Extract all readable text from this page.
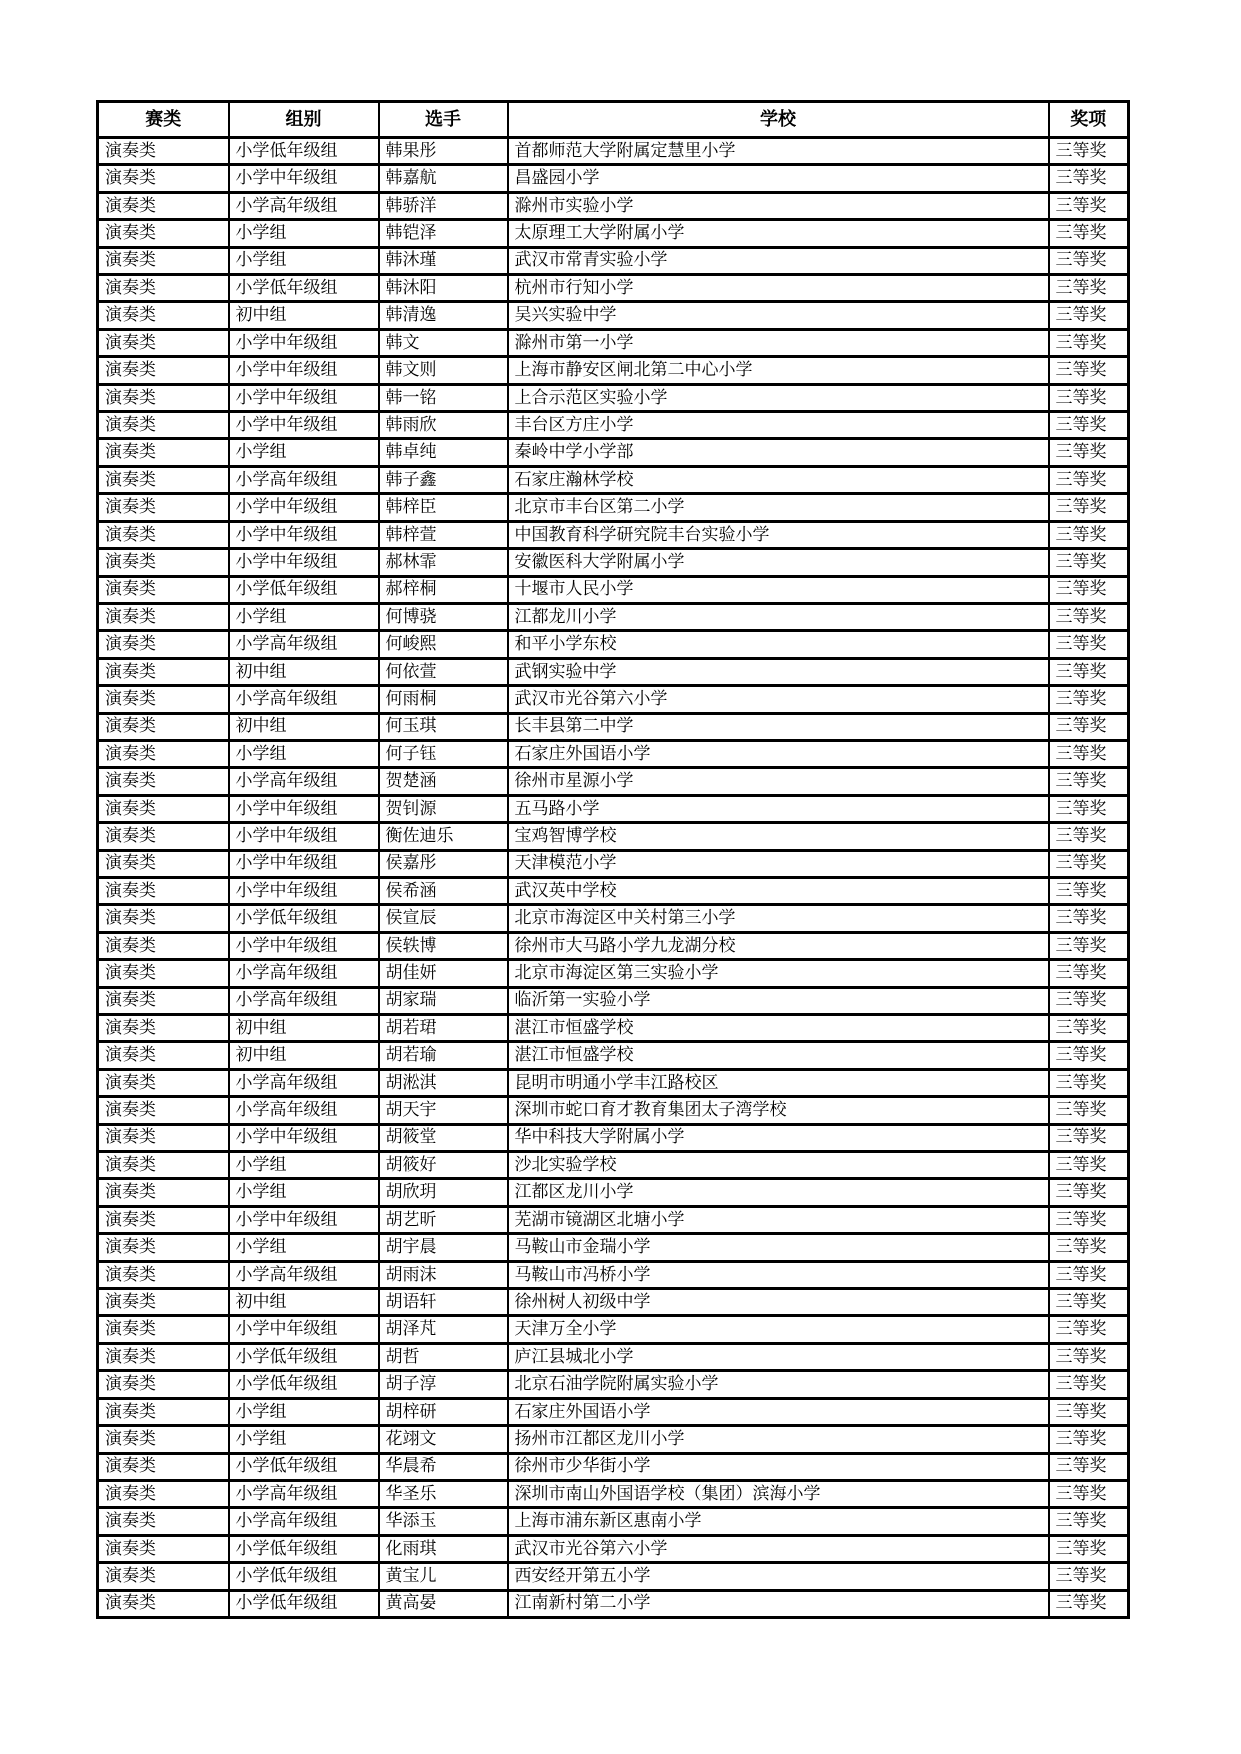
赛类	组别	选手	学校	奖项
演奏类	小学低年级组	韩果彤	首都师范大学附属定慧里小学	三等奖
演奏类	小学中年级组	韩嘉航	昌盛园小学	三等奖
演奏类	小学高年级组	韩骄洋	滁州市实验小学	三等奖
演奏类	小学组	韩铠泽	太原理工大学附属小学	三等奖
演奏类	小学组	韩沐瑾	武汉市常青实验小学	三等奖
演奏类	小学低年级组	韩沐阳	杭州市行知小学	三等奖
演奏类	初中组	韩清逸	吴兴实验中学	三等奖
演奏类	小学中年级组	韩文	滁州市第一小学	三等奖
演奏类	小学中年级组	韩文则	上海市静安区闸北第二中心小学	三等奖
演奏类	小学中年级组	韩一铭	上合示范区实验小学	三等奖
演奏类	小学中年级组	韩雨欣	丰台区方庄小学	三等奖
演奏类	小学组	韩卓纯	秦岭中学小学部	三等奖
演奏类	小学高年级组	韩子鑫	石家庄瀚林学校	三等奖
演奏类	小学中年级组	韩梓臣	北京市丰台区第二小学	三等奖
演奏类	小学中年级组	韩梓萱	中国教育科学研究院丰台实验小学	三等奖
演奏类	小学中年级组	郝林霏	安徽医科大学附属小学	三等奖
演奏类	小学低年级组	郝梓桐	十堰市人民小学	三等奖
演奏类	小学组	何博骁	江都龙川小学	三等奖
演奏类	小学高年级组	何峻熙	和平小学东校	三等奖
演奏类	初中组	何依萱	武钢实验中学	三等奖
演奏类	小学高年级组	何雨桐	武汉市光谷第六小学	三等奖
演奏类	初中组	何玉琪	长丰县第二中学	三等奖
演奏类	小学组	何子钰	石家庄外国语小学	三等奖
演奏类	小学高年级组	贺楚涵	徐州市星源小学	三等奖
演奏类	小学中年级组	贺钊源	五马路小学	三等奖
演奏类	小学中年级组	衡佐迪乐	宝鸡智博学校	三等奖
演奏类	小学中年级组	侯嘉彤	天津模范小学	三等奖
演奏类	小学中年级组	侯希涵	武汉英中学校	三等奖
演奏类	小学低年级组	侯宣辰	北京市海淀区中关村第三小学	三等奖
演奏类	小学中年级组	侯轶博	徐州市大马路小学九龙湖分校	三等奖
演奏类	小学高年级组	胡佳妍	北京市海淀区第三实验小学	三等奖
演奏类	小学高年级组	胡家瑞	临沂第一实验小学	三等奖
演奏类	初中组	胡若珺	湛江市恒盛学校	三等奖
演奏类	初中组	胡若瑜	湛江市恒盛学校	三等奖
演奏类	小学高年级组	胡淞淇	昆明市明通小学丰江路校区	三等奖
演奏类	小学高年级组	胡天宇	深圳市蛇口育才教育集团太子湾学校	三等奖
演奏类	小学中年级组	胡筱堂	华中科技大学附属小学	三等奖
演奏类	小学组	胡筱好	沙北实验学校	三等奖
演奏类	小学组	胡欣玥	江都区龙川小学	三等奖
演奏类	小学中年级组	胡艺昕	芜湖市镜湖区北塘小学	三等奖
演奏类	小学组	胡宇晨	马鞍山市金瑞小学	三等奖
演奏类	小学高年级组	胡雨沫	马鞍山市冯桥小学	三等奖
演奏类	初中组	胡语轩	徐州树人初级中学	三等奖
演奏类	小学中年级组	胡泽芃	天津万全小学	三等奖
演奏类	小学低年级组	胡哲	庐江县城北小学	三等奖
演奏类	小学低年级组	胡子淳	北京石油学院附属实验小学	三等奖
演奏类	小学组	胡梓研	石家庄外国语小学	三等奖
演奏类	小学组	花翊文	扬州市江都区龙川小学	三等奖
演奏类	小学低年级组	华晨希	徐州市少华街小学	三等奖
演奏类	小学高年级组	华圣乐	深圳市南山外国语学校（集团）滨海小学	三等奖
演奏类	小学高年级组	华添玉	上海市浦东新区惠南小学	三等奖
演奏类	小学低年级组	化雨琪	武汉市光谷第六小学	三等奖
演奏类	小学低年级组	黄宝儿	西安经开第五小学	三等奖
演奏类	小学低年级组	黄高晏	江南新村第二小学	三等奖
